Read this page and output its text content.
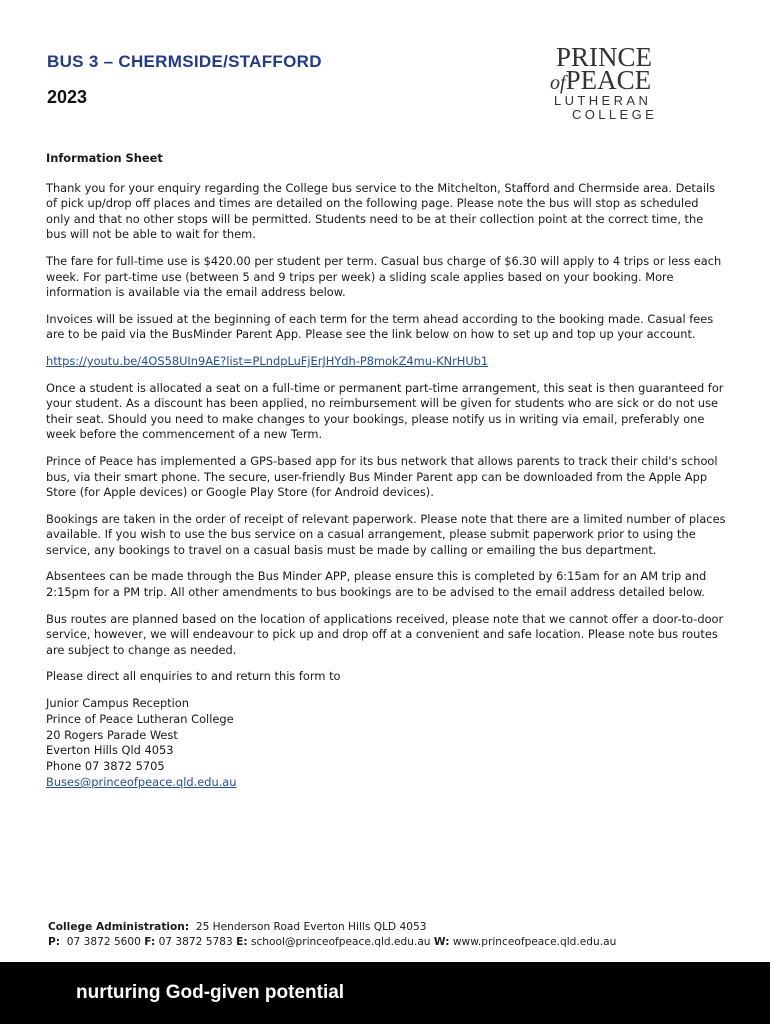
BUS 3 – CHERMSIDE/STAFFORD
2023
PRINCE
ofPEACE
LUTHERAN
COLLEGE

Information Sheet

Thank you for your enquiry regarding the College bus service to the Mitchelton, Stafford and Chermside area. Details of pick up/drop off places and times are detailed on the following page. Please note the bus will stop as scheduled only and that no other stops will be permitted. Students need to be at their collection point at the correct time, the bus will not be able to wait for them.

The fare for full-time use is $420.00 per student per term. Casual bus charge of $6.30 will apply to 4 trips or less each week. For part-time use (between 5 and 9 trips per week) a sliding scale applies based on your booking. More information is available via the email address below.

Invoices will be issued at the beginning of each term for the term ahead according to the booking made. Casual fees are to be paid via the BusMinder Parent App. Please see the link below on how to set up and top up your account.

https://youtu.be/4OS58UIn9AE?list=PLndpLuFjErJHYdh-P8mokZ4mu-KNrHUb1

Once a student is allocated a seat on a full-time or permanent part-time arrangement, this seat is then guaranteed for your student. As a discount has been applied, no reimbursement will be given for students who are sick or do not use their seat. Should you need to make changes to your bookings, please notify us in writing via email, preferably one week before the commencement of a new Term.

Prince of Peace has implemented a GPS-based app for its bus network that allows parents to track their child's school bus, via their smart phone. The secure, user-friendly Bus Minder Parent app can be downloaded from the Apple App Store (for Apple devices) or Google Play Store (for Android devices).

Bookings are taken in the order of receipt of relevant paperwork. Please note that there are a limited number of places available. If you wish to use the bus service on a casual arrangement, please submit paperwork prior to using the service, any bookings to travel on a casual basis must be made by calling or emailing the bus department.

Absentees can be made through the Bus Minder APP, please ensure this is completed by 6:15am for an AM trip and 2:15pm for a PM trip. All other amendments to bus bookings are to be advised to the email address detailed below.

Bus routes are planned based on the location of applications received, please note that we cannot offer a door-to-door service, however, we will endeavour to pick up and drop off at a convenient and safe location. Please note bus routes are subject to change as needed.

Please direct all enquiries to and return this form to

Junior Campus Reception
Prince of Peace Lutheran College
20 Rogers Parade West
Everton Hills Qld 4053
Phone 07 3872 5705
Buses@princeofpeace.qld.edu.au
College Administration: 25 Henderson Road Everton Hills QLD 4053
P: 07 3872 5600 F: 07 3872 5783 E: school@princeofpeace.qld.edu.au W: www.princeofpeace.qld.edu.au
nurturing God-given potential
